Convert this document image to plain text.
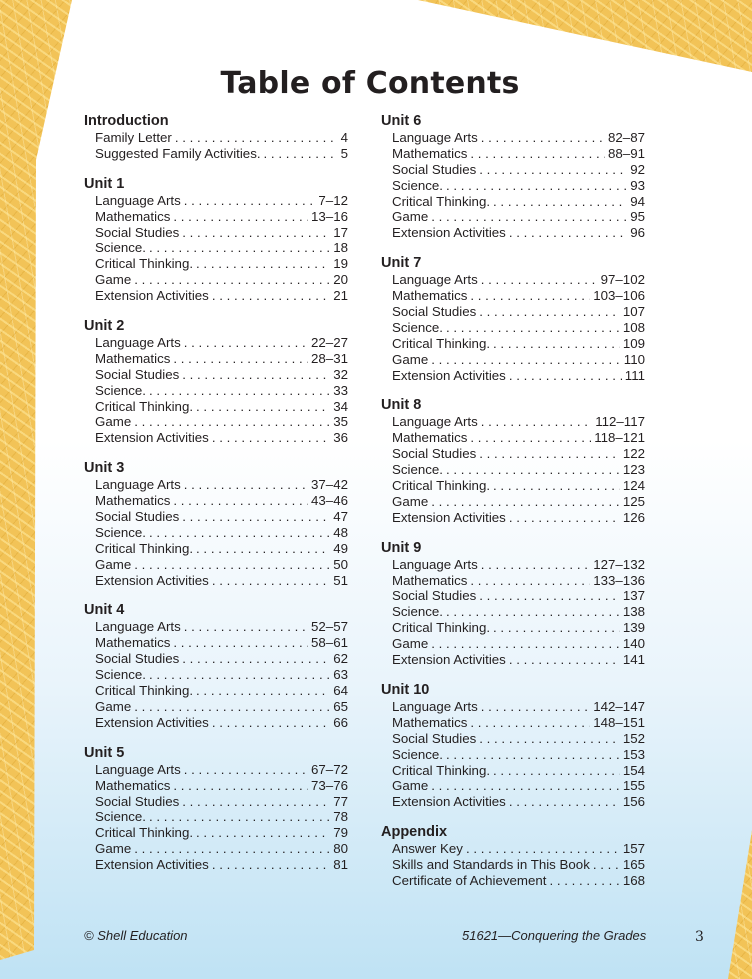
Table of Contents
Introduction
Family Letter . . .	4
Suggested Family Activities. . . .	5
Unit 1
Language Arts . . .	7–12
Mathematics . . .	13–16
Social Studies . . .	17
Science. . . .	18
Critical Thinking. . . .	19
Game . . .	20
Extension Activities . . .	21
Unit 2
Language Arts . . .	22–27
Mathematics . . .	28–31
Social Studies . . .	32
Science. . . .	33
Critical Thinking. . . .	34
Game . . .	35
Extension Activities . . .	36
Unit 3
Language Arts . . .	37–42
Mathematics . . .	43–46
Social Studies . . .	47
Science. . . .	48
Critical Thinking. . . .	49
Game . . .	50
Extension Activities . . .	51
Unit 4
Language Arts . . .	52–57
Mathematics . . .	58–61
Social Studies . . .	62
Science. . . .	63
Critical Thinking. . . .	64
Game . . .	65
Extension Activities . . .	66
Unit 5
Language Arts . . .	67–72
Mathematics . . .	73–76
Social Studies . . .	77
Science. . . .	78
Critical Thinking. . . .	79
Game . . .	80
Extension Activities . . .	81
Unit 6
Language Arts . . .	82–87
Mathematics . . .	88–91
Social Studies . . .	92
Science. . . .	93
Critical Thinking. . . .	94
Game . . .	95
Extension Activities . . .	96
Unit 7
Language Arts . . .	97–102
Mathematics . . .	103–106
Social Studies . . .	107
Science. . . .	108
Critical Thinking. . . .	109
Game . . .	110
Extension Activities . . .	111
Unit 8
Language Arts . . .	112–117
Mathematics . . .	118–121
Social Studies . . .	122
Science. . . .	123
Critical Thinking. . . .	124
Game . . .	125
Extension Activities . . .	126
Unit 9
Language Arts . . .	127–132
Mathematics . . .	133–136
Social Studies . . .	137
Science. . . .	138
Critical Thinking. . . .	139
Game . . .	140
Extension Activities . . .	141
Unit 10
Language Arts . . .	142–147
Mathematics . . .	148–151
Social Studies . . .	152
Science. . . .	153
Critical Thinking. . . .	154
Game . . .	155
Extension Activities . . .	156
Appendix
Answer Key . . .	157
Skills and Standards in This Book . . . 165
Certificate of Achievement . . .	168
© Shell Education	51621—Conquering the Grades	3
